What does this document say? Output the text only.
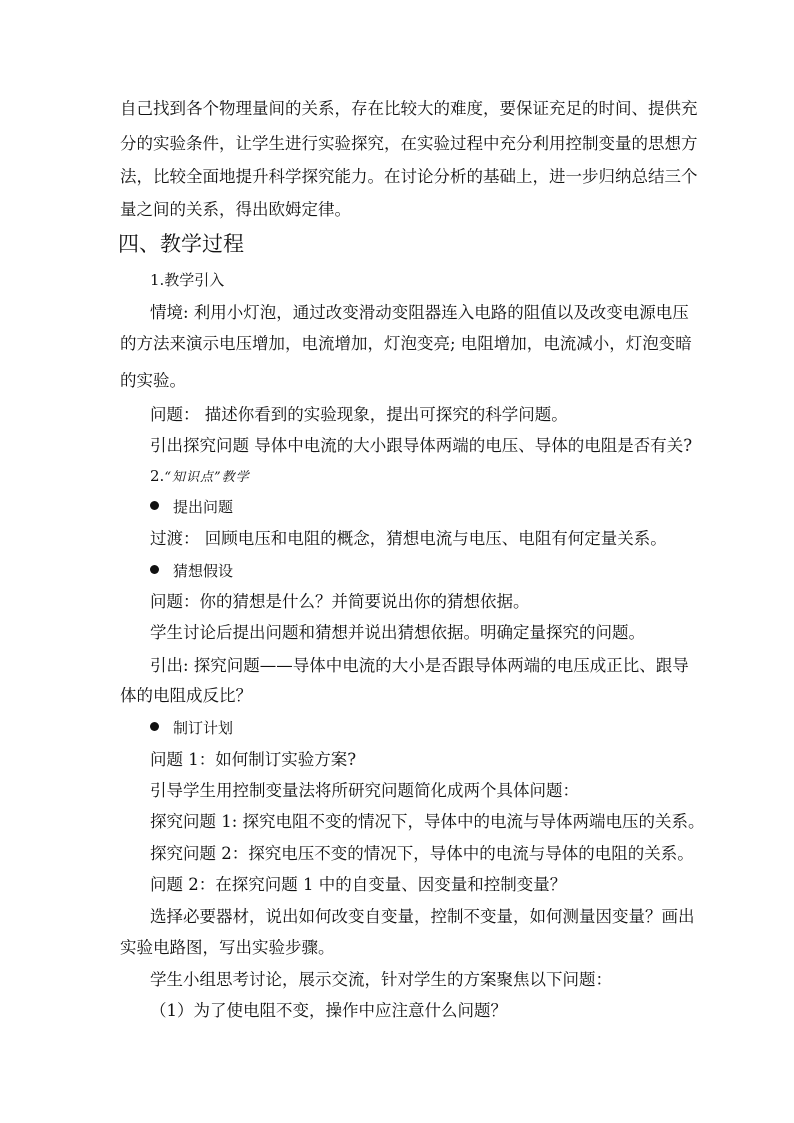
自己找到各个物理量间的关系，存在比较大的难度，要保证充足的时间、提供充
分的实验条件，让学生进行实验探究，在实验过程中充分利用控制变量的思想方
法，比较全面地提升科学探究能力。在讨论分析的基础上，进一步归纳总结三个
量之间的关系，得出欧姆定律。
四、教学过程
1.教学引入
情境: 利用小灯泡，通过改变滑动变阻器连入电路的阻值以及改变电源电压
的方法来演示电压增加，电流增加，灯泡变亮; 电阻增加，电流减小，灯泡变暗
的实验。
问题： 描述你看到的实验现象，提出可探究的科学问题。
引出探究问题 导体中电流的大小跟导体两端的电压、导体的电阻是否有关?
2.“知识点”教学
提出问题
过渡： 回顾电压和电阻的概念，猜想电流与电压、电阻有何定量关系。
猜想假设
问题：你的猜想是什么？并简要说出你的猜想依据。
学生讨论后提出问题和猜想并说出猜想依据。明确定量探究的问题。
引出: 探究问题——导体中电流的大小是否跟导体两端的电压成正比、跟导
体的电阻成反比？
制订计划
问题 1：如何制订实验方案?
引导学生用控制变量法将所研究问题简化成两个具体问题：
探究问题 1: 探究电阻不变的情况下，导体中的电流与导体两端电压的关系。
探究问题 2：探究电压不变的情况下，导体中的电流与导体的电阻的关系。
问题 2：在探究问题 1 中的自变量、因变量和控制变量？
选择必要器材，说出如何改变自变量，控制不变量，如何测量因变量？画出
实验电路图，写出实验步骤。
学生小组思考讨论，展示交流，针对学生的方案聚焦以下问题：
（1）为了使电阻不变，操作中应注意什么问题？
